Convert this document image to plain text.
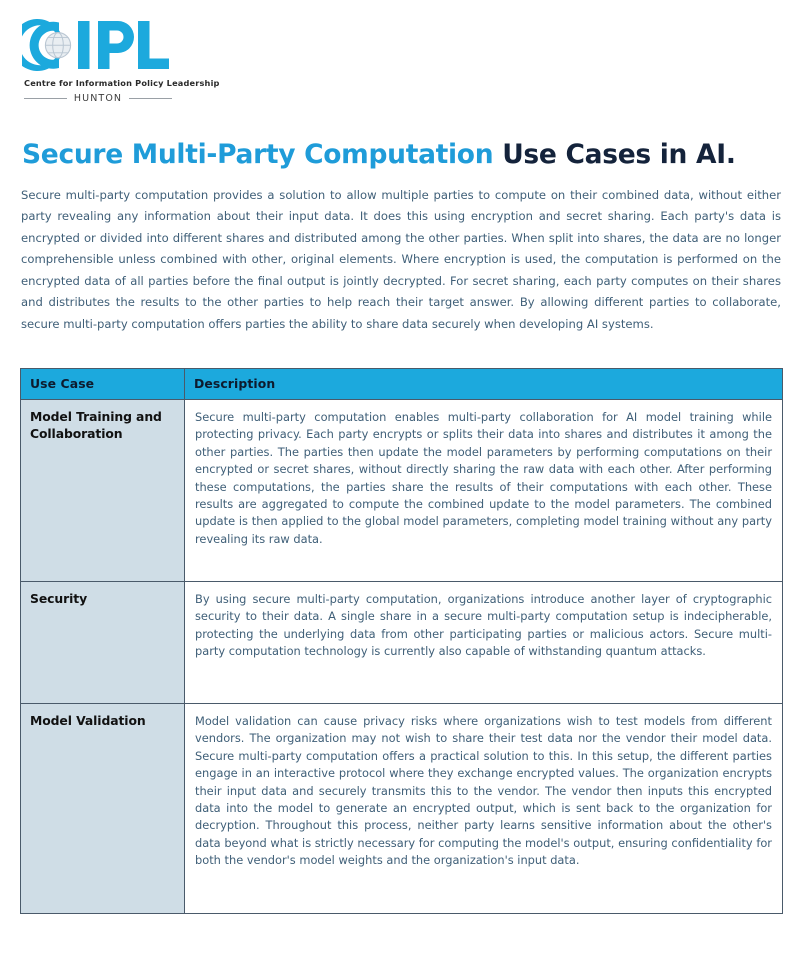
Centre for Information Policy Leadership
HUNTON
Secure Multi-Party Computation Use Cases in AI.

Secure multi-party computation provides a solution to allow multiple parties to compute on their combined data, without either party revealing any information about their input data. It does this using encryption and secret sharing. Each party's data is encrypted or divided into different shares and distributed among the other parties. When split into shares, the data are no longer comprehensible unless combined with other, original elements. Where encryption is used, the computation is performed on the encrypted data of all parties before the final output is jointly decrypted. For secret sharing, each party computes on their shares and distributes the results to the other parties to help reach their target answer. By allowing different parties to collaborate, secure multi-party computation offers parties the ability to share data securely when developing AI systems.

Use Case	Description
Model Training and Collaboration	Secure multi-party computation enables multi-party collaboration for AI model training while protecting privacy. Each party encrypts or splits their data into shares and distributes it among the other parties. The parties then update the model parameters by performing computations on their encrypted or secret shares, without directly sharing the raw data with each other. After performing these computations, the parties share the results of their computations with each other. These results are aggregated to compute the combined update to the model parameters. The combined update is then applied to the global model parameters, completing model training without any party revealing its raw data.
Security	By using secure multi-party computation, organizations introduce another layer of cryptographic security to their data. A single share in a secure multi-party computation setup is indecipherable, protecting the underlying data from other participating parties or malicious actors. Secure multi-party computation technology is currently also capable of withstanding quantum attacks.
Model Validation	Model validation can cause privacy risks where organizations wish to test models from different vendors. The organization may not wish to share their test data nor the vendor their model data. Secure multi-party computation offers a practical solution to this. In this setup, the different parties engage in an interactive protocol where they exchange encrypted values. The organization encrypts their input data and securely transmits this to the vendor. The vendor then inputs this encrypted data into the model to generate an encrypted output, which is sent back to the organization for decryption. Throughout this process, neither party learns sensitive information about the other's data beyond what is strictly necessary for computing the model's output, ensuring confidentiality for both the vendor's model weights and the organization's input data.
